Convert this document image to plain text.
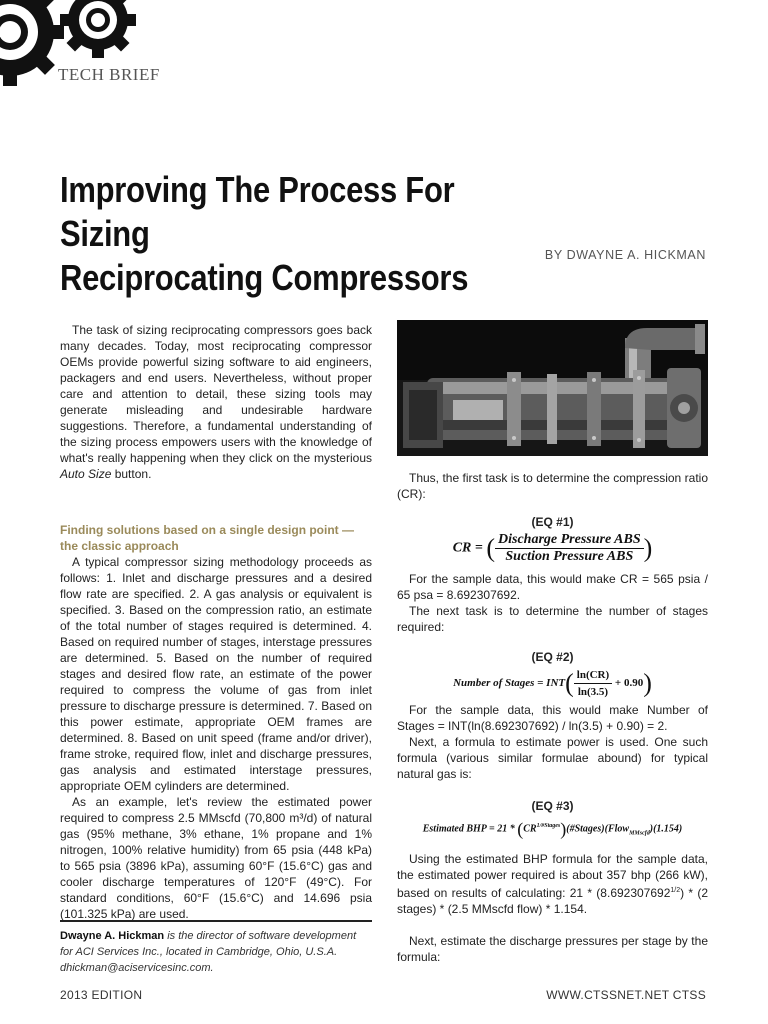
TECH BRIEF
Improving The Process For Sizing
Reciprocating Compressors
BY DWAYNE A. HICKMAN

The task of sizing reciprocating compressors goes back many decades. Today, most reciprocating compressor OEMs provide powerful sizing software to aid engineers, packagers and end users. Nevertheless, without proper care and attention to detail, these sizing tools may generate misleading and undesirable hardware suggestions. Therefore, a fundamental understanding of the sizing process empowers users with the knowledge of what's really happening when they click on the mysterious Auto Size button.

Finding solutions based on a single design point — the classic approach

A typical compressor sizing methodology proceeds as follows: 1. Inlet and discharge pressures and a desired flow rate are specified. 2. A gas analysis or equivalent is specified. 3. Based on the compression ratio, an estimate of the total number of stages required is determined. 4. Based on required number of stages, interstage pressures are determined. 5. Based on the number of required stages and desired flow rate, an estimate of the power required to compress the volume of gas from inlet pressure to discharge pressure is determined. 7. Based on this power estimate, appropriate OEM frames are determined. 8. Based on unit speed (frame and/or driver), frame stroke, required flow, inlet and discharge pressures, gas analysis and estimated interstage pressures, appropriate OEM cylinders are determined.

As an example, let's review the estimated power required to compress 2.5 MMscfd (70,800 m³/d) of natural gas (95% methane, 3% ethane, 1% propane and 1% nitrogen, 100% relative humidity) from 65 psia (448 kPa) to 565 psia (3896 kPa), assuming 60°F (15.6°C) gas and cooler discharge temperatures of 120°F (49°C). For standard conditions, 60°F (15.6°C) and 14.696 psia (101.325 kPa) are used.

Dwayne A. Hickman is the director of software development for ACI Services Inc., located in Cambridge, Ohio, U.S.A. dhickman@aciservicesinc.com.

Thus, the first task is to determine the compression ratio (CR):

(EQ #1)
CR = ( $\frac{\text{Discharge Pressure ABS}}{\text{Suction Pressure ABS}}$ )

For the sample data, this would make CR = 565 psia / 65 psa = 8.692307692.

The next task is to determine the number of stages required:

(EQ #2)
Number of Stages = $INT( \frac{\ln(CR)}{\ln(3.5)} + 0.90)$

For the sample data, this would make Number of Stages = INT(ln(8.692307692) / ln(3.5) + 0.90) = 2.

Next, a formula to estimate power is used. One such formula (various similar formulae abound) for typical natural gas is:

(EQ #3)
Estimated BHP = $21 * (CR^{1/\#Stages})(\#Stages)(Flow_{MMscfd})(1.154)$

Using the estimated BHP formula for the sample data, the estimated power required is about 357 bhp (266 kW), based on results of calculating: $21 * (8.692307692^{1/2}) * (2$ stages) * (2.5 MMscfd flow) * 1.154.

Next, estimate the discharge pressures per stage by the formula:

2013 EDITION	WWW.CTSSNET.NET CTSS
